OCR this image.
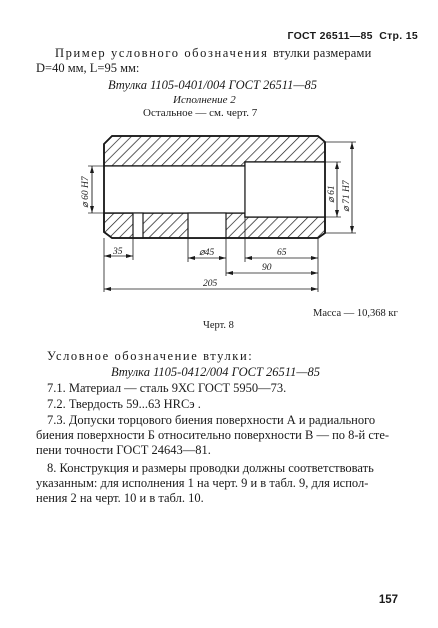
ГОСТ 26511—85 Стр. 15
Пример условного обозначения втулки размерами
D=40 мм, L=95 мм:
Втулка 1105-0401/004 ГОСТ 26511—85
Исполнение 2
Остальное — см. черт. 7
⌀ 60 H7	⌀ 61 ⌀ 71 H7
35	⌀45	65
90
205
Масса — 10,368 кг
Черт. 8
Условное обозначение втулки:
Втулка 1105-0412/004 ГОСТ 26511—85
7.1. Материал — сталь 9ХС ГОСТ 5950—73.
7.2. Твердость 59...63 HRCэ .
7.3. Допуски торцового биения поверхности А и радиального
биения поверхности Б относительно поверхности В — по 8-й сте-
пени точности ГОСТ 24643—81.
8. Конструкция и размеры проводки должны соответствовать
указанным: для исполнения 1 на черт. 9 и в табл. 9, для испол-
нения 2 на черт. 10 и в табл. 10.
157
